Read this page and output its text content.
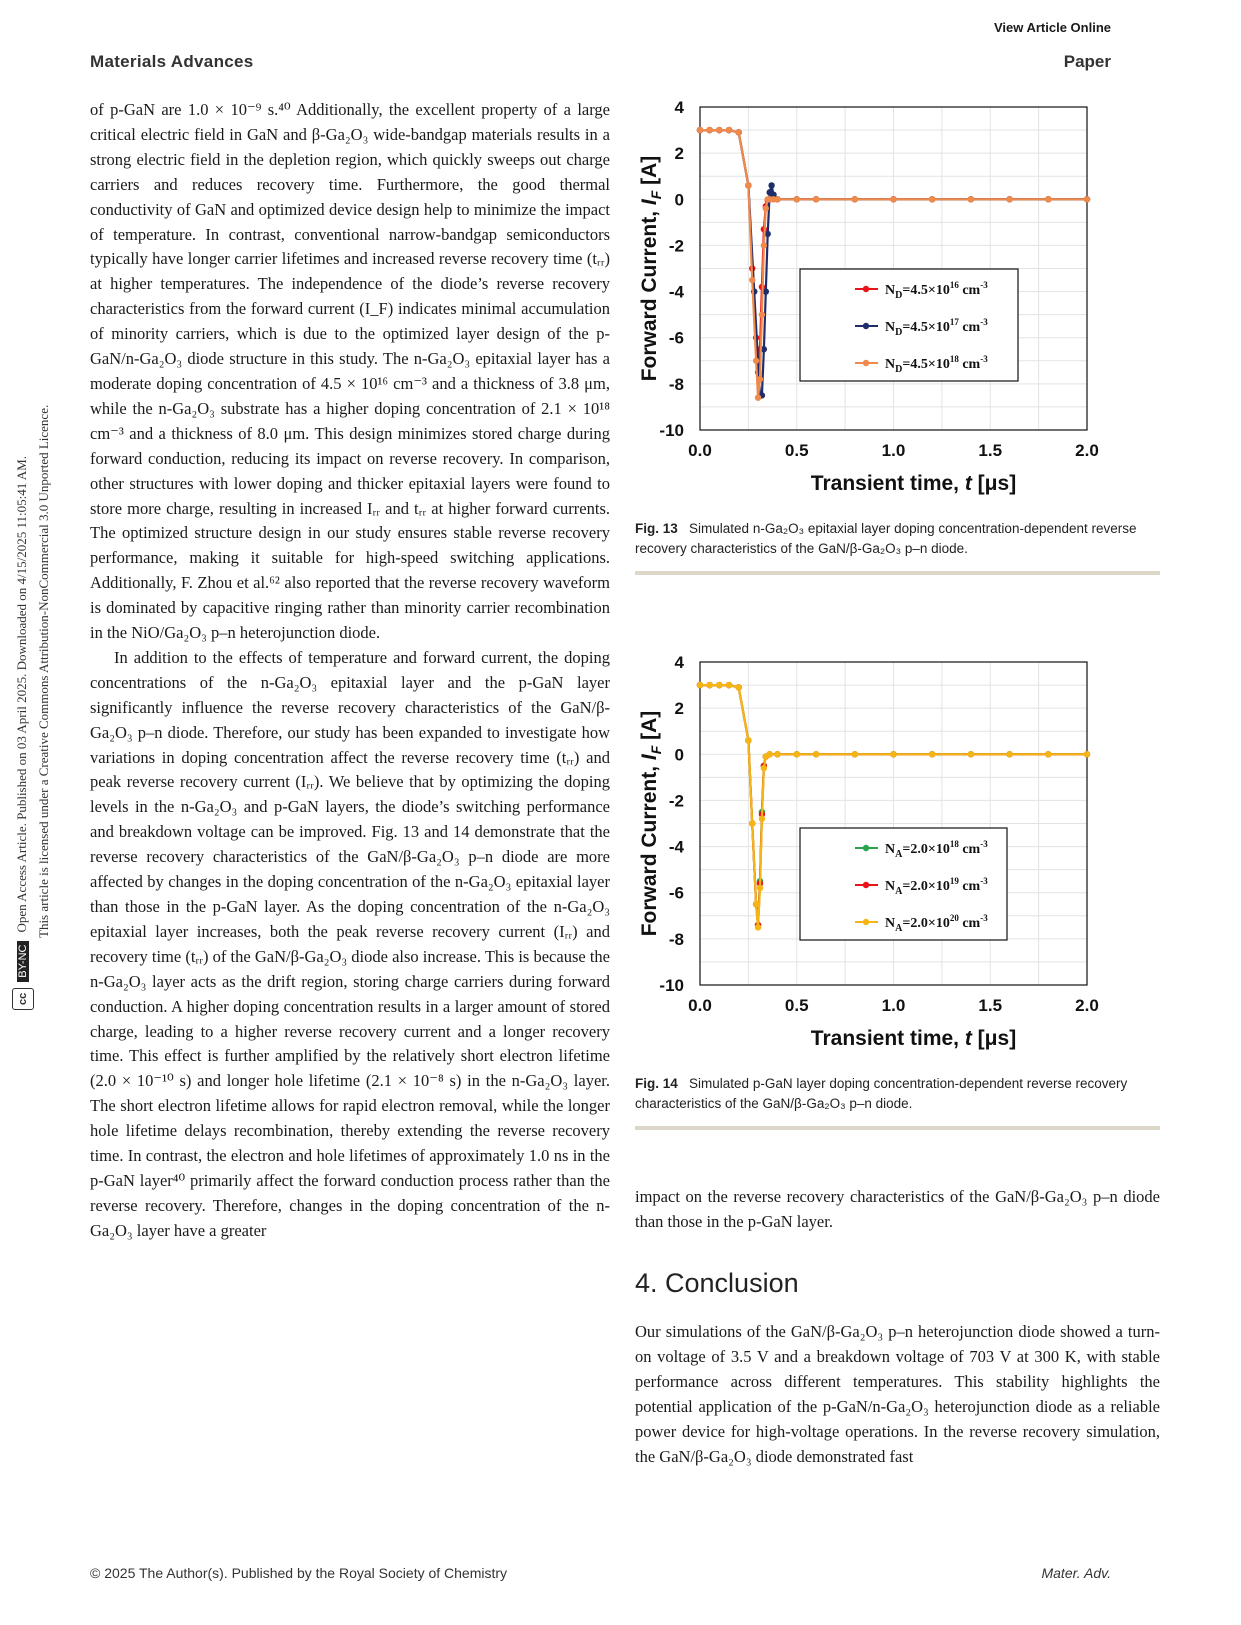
View Article Online
Materials Advances	Paper
ccBY-NCOpen Access Article. Published on 03 April 2025. Downloaded on 4/15/2025 11:05:41 AM. This article is licensed under a Creative Commons Attribution-NonCommercial 3.0 Unported Licence.

of p-GaN are 1.0 × 10⁻⁹ s.⁴⁰ Additionally, the excellent property of a large critical electric field in GaN and β-Ga₂O₃ wide-bandgap materials results in a strong electric field in the depletion region, which quickly sweeps out charge carriers and reduces recovery time. Furthermore, the good thermal conductivity of GaN and optimized device design help to minimize the impact of temperature. In contrast, conventional narrow-bandgap semiconductors typically have longer carrier lifetimes and increased reverse recovery time (tᵣᵣ) at higher temperatures. The independence of the diode’s reverse recovery characteristics from the forward current (I_F) indicates minimal accumulation of minority carriers, which is due to the optimized layer design of the p-GaN/n-Ga₂O₃ diode structure in this study. The n-Ga₂O₃ epitaxial layer has a moderate doping concentration of 4.5 × 10¹⁶ cm⁻³ and a thickness of 3.8 μm, while the n-Ga₂O₃ substrate has a higher doping concentration of 2.1 × 10¹⁸ cm⁻³ and a thickness of 8.0 μm. This design minimizes stored charge during forward conduction, reducing its impact on reverse recovery. In comparison, other structures with lower doping and thicker epitaxial layers were found to store more charge, resulting in increased Iᵣᵣ and tᵣᵣ at higher forward currents. The optimized structure design in our study ensures stable reverse recovery performance, making it suitable for high-speed switching applications. Additionally, F. Zhou et al.⁶² also reported that the reverse recovery waveform is dominated by capacitive ringing rather than minority carrier recombination in the NiO/Ga₂O₃ p–n heterojunction diode.

In addition to the effects of temperature and forward current, the doping concentrations of the n-Ga₂O₃ epitaxial layer and the p-GaN layer significantly influence the reverse recovery characteristics of the GaN/β-Ga₂O₃ p–n diode. Therefore, our study has been expanded to investigate how variations in doping concentration affect the reverse recovery time (tᵣᵣ) and peak reverse recovery current (Iᵣᵣ). We believe that by optimizing the doping levels in the n-Ga₂O₃ and p-GaN layers, the diode’s switching performance and breakdown voltage can be improved. Fig. 13 and 14 demonstrate that the reverse recovery characteristics of the GaN/β-Ga₂O₃ p–n diode are more affected by changes in the doping concentration of the n-Ga₂O₃ epitaxial layer than those in the p-GaN layer. As the doping concentration of the n-Ga₂O₃ epitaxial layer increases, both the peak reverse recovery current (Iᵣᵣ) and recovery time (tᵣᵣ) of the GaN/β-Ga₂O₃ diode also increase. This is because the n-Ga₂O₃ layer acts as the drift region, storing charge carriers during forward conduction. A higher doping concentration results in a larger amount of stored charge, leading to a higher reverse recovery current and a longer recovery time. This effect is further amplified by the relatively short electron lifetime (2.0 × 10⁻¹⁰ s) and longer hole lifetime (2.1 × 10⁻⁸ s) in the n-Ga₂O₃ layer. The short electron lifetime allows for rapid electron removal, while the longer hole lifetime delays recombination, thereby extending the reverse recovery time. In contrast, the electron and hole lifetimes of approximately 1.0 ns in the p-GaN layer⁴⁰ primarily affect the forward conduction process rather than the reverse recovery. Therefore, changes in the doping concentration of the n-Ga₂O₃ layer have a greater

0.0	0.5	1.0	1.5	2.0
4
2
0
-2
-4
-6
-8
-10
Transient time, t [μs]
Forward Current, $I_F$ [A]
$N_D=4.5\times 10^{16}$ $cm^{-3}$
$N_D=4.5\times 10^{17}$ $cm^{-3}$
$N_D=4.5\times 10^{18}$ $cm^{-3}$
Fig. 13 Simulated n-Ga₂O₃ epitaxial layer doping concentration-dependent reverse recovery characteristics of the GaN/β-Ga₂O₃ p–n diode.
0.0	0.5	1.0	1.5	2.0
4
2
0
-2
-4
-6
-8
-10
Transient time, t [μs]
Forward Current, $I_F$ [A]
$N_A=2.0\times 10^{18}$ $cm^{-3}$
$N_A=2.0\times 10^{19}$ $cm^{-3}$
$N_A=2.0\times 10^{20}$ $cm^{-3}$
Fig. 14 Simulated p-GaN layer doping concentration-dependent reverse recovery characteristics of the GaN/β-Ga₂O₃ p–n diode.
impact on the reverse recovery characteristics of the GaN/β-Ga₂O₃ p–n diode than those in the p-GaN layer.
4. Conclusion
Our simulations of the GaN/β-Ga₂O₃ p–n heterojunction diode showed a turn-on voltage of 3.5 V and a breakdown voltage of 703 V at 300 K, with stable performance across different temperatures. This stability highlights the potential application of the p-GaN/n-Ga₂O₃ heterojunction diode as a reliable power device for high-voltage operations. In the reverse recovery simulation, the GaN/β-Ga₂O₃ diode demonstrated fast
© 2025 The Author(s). Published by the Royal Society of Chemistry	Mater. Adv.
